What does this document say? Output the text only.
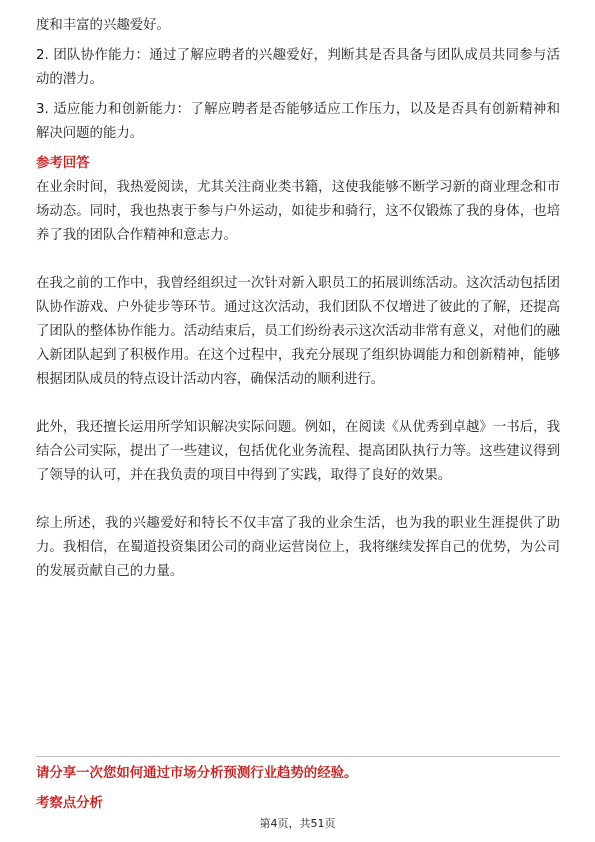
度和丰富的兴趣爱好。

2. 团队协作能力：通过了解应聘者的兴趣爱好，判断其是否具备与团队成员共同参与活动的潜力。

3. 适应能力和创新能力：了解应聘者是否能够适应工作压力，以及是否具有创新精神和解决问题的能力。

参考回答

在业余时间，我热爱阅读，尤其关注商业类书籍，这使我能够不断学习新的商业理念和市场动态。同时，我也热衷于参与户外运动，如徒步和骑行，这不仅锻炼了我的身体，也培养了我的团队合作精神和意志力。

在我之前的工作中，我曾经组织过一次针对新入职员工的拓展训练活动。这次活动包括团队协作游戏、户外徒步等环节。通过这次活动，我们团队不仅增进了彼此的了解，还提高了团队的整体协作能力。活动结束后，员工们纷纷表示这次活动非常有意义，对他们的融入新团队起到了积极作用。在这个过程中，我充分展现了组织协调能力和创新精神，能够根据团队成员的特点设计活动内容，确保活动的顺利进行。

此外，我还擅长运用所学知识解决实际问题。例如，在阅读《从优秀到卓越》一书后，我结合公司实际，提出了一些建议，包括优化业务流程、提高团队执行力等。这些建议得到了领导的认可，并在我负责的项目中得到了实践，取得了良好的效果。

综上所述，我的兴趣爱好和特长不仅丰富了我的业余生活，也为我的职业生涯提供了助力。我相信，在蜀道投资集团公司的商业运营岗位上，我将继续发挥自己的优势，为公司的发展贡献自己的力量。

请分享一次您如何通过市场分析预测行业趋势的经验。
考察点分析
第4页，共51页
